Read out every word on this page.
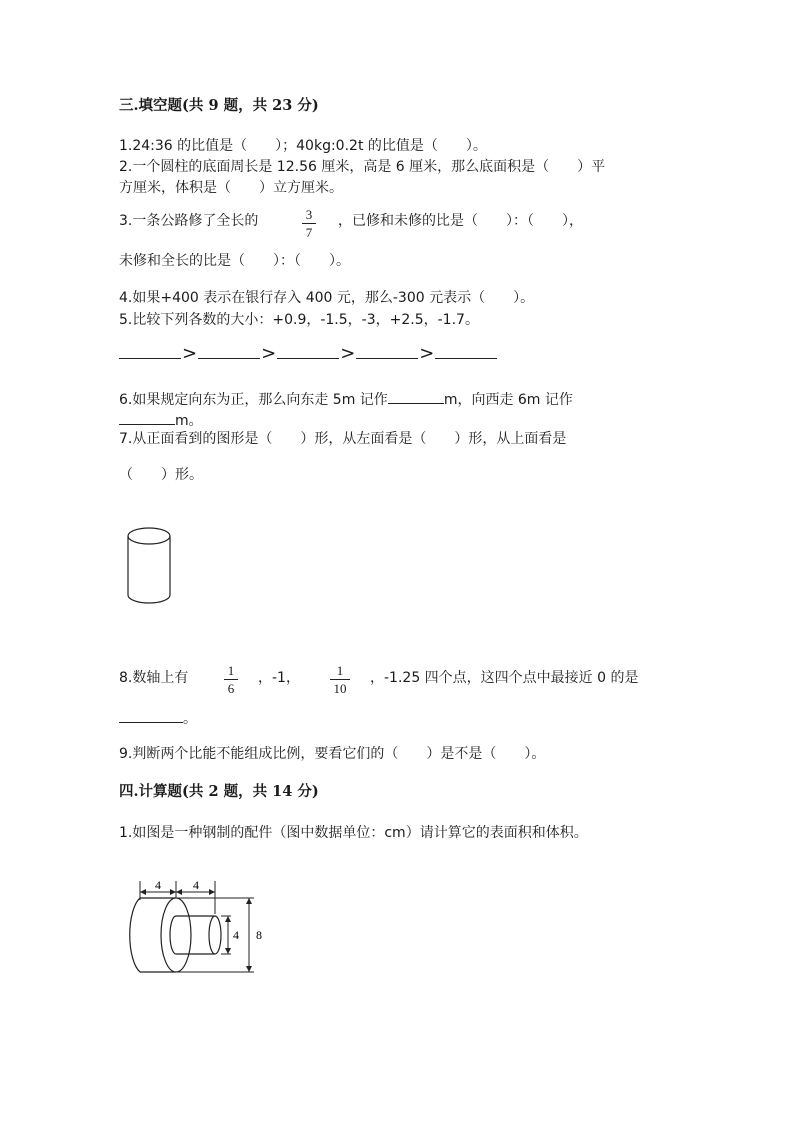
三.填空题(共 9 题，共 23 分)
1.24:36 的比值是（　　）；40kg:0.2t 的比值是（　　）。
2.一个圆柱的底面周长是 12.56 厘米，高是 6 厘米，那么底面积是（　　）平
方厘米，体积是（　　）立方厘米。
3.一条公路修了全长的	3
7
，已修和未修的比是（　　）：（　　），
未修和全长的比是（　　）：（　　）。
4.如果+400 表示在银行存入 400 元，那么-300 元表示（　　）。
5.比较下列各数的大小：+0.9，-1.5，-3，+2.5，-1.7。
>	>	>	>
6.如果规定向东为正，那么向东走 5m 记作	m，向西走 6m 记作
m。
7.从正面看到的图形是（　　）形，从左面看是（　　）形，从上面看是
（　　）形。
8.数轴上有	1
6
，-1，	1
10
，-1.25 四个点，这四个点中最接近 0 的是
。
9.判断两个比能不能组成比例，要看它们的（　　）是不是（　　）。
四.计算题(共 2 题，共 14 分)
1.如图是一种钢制的配件（图中数据单位：cm）请计算它的表面积和体积。
4	4
4 8
